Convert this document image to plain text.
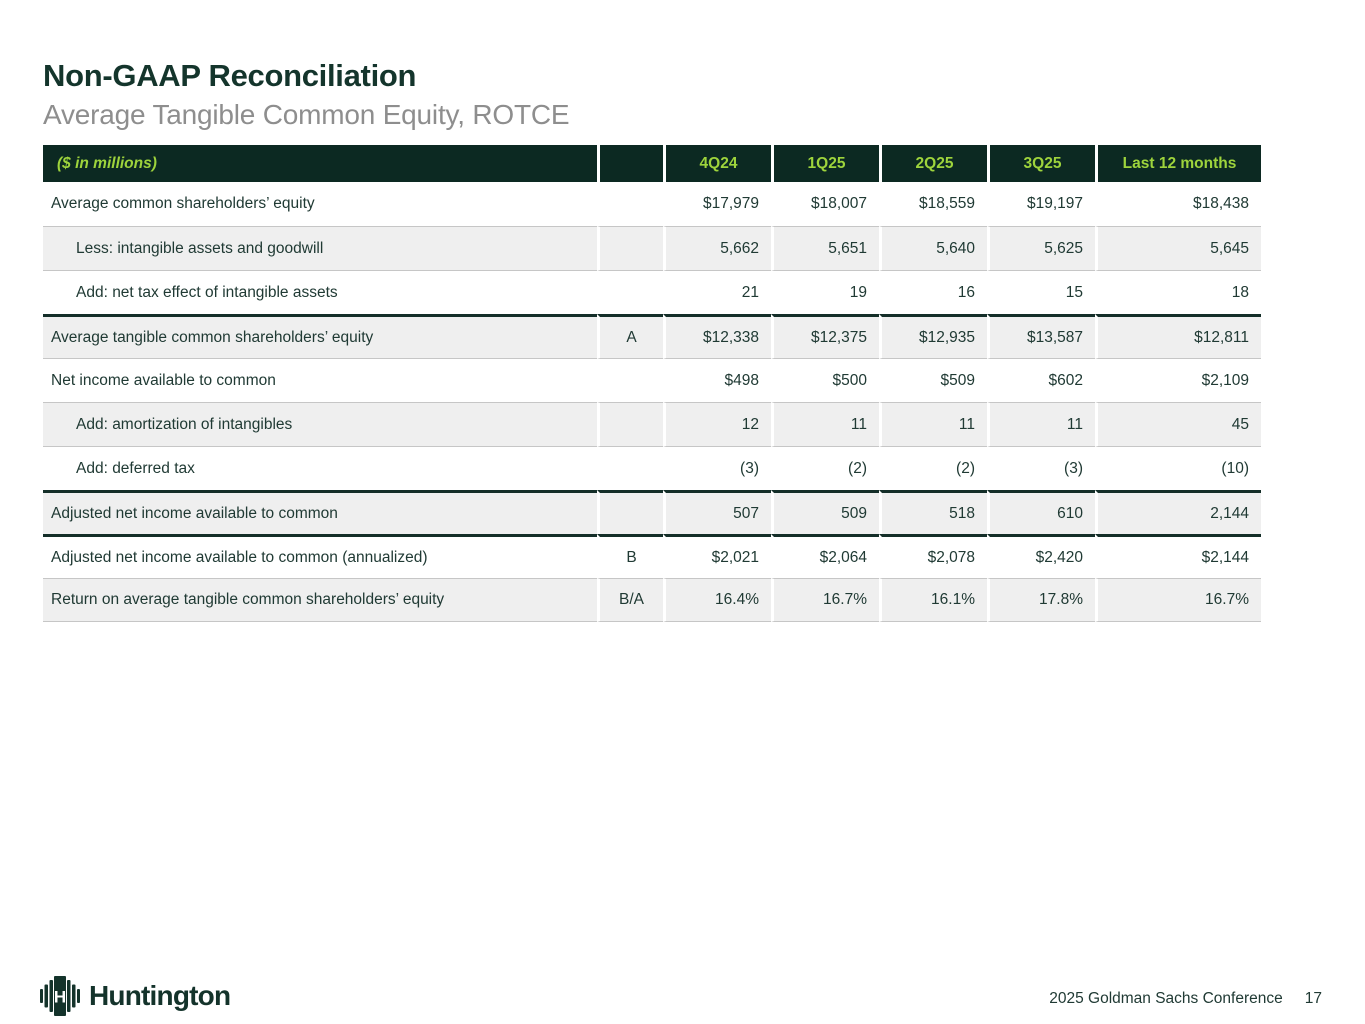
Non-GAAP Reconciliation
Average Tangible Common Equity, ROTCE
($ in millions)		4Q24	1Q25	2Q25	3Q25	Last 12 months
Average common shareholders’ equity		$17,979	$18,007	$18,559	$19,197	$18,438
Less: intangible assets and goodwill		5,662	5,651	5,640	5,625	5,645
Add: net tax effect of intangible assets		21	19	16	15	18
Average tangible common shareholders’ equity	A	$12,338	$12,375	$12,935	$13,587	$12,811
Net income available to common		$498	$500	$509	$602	$2,109
Add: amortization of intangibles		12	11	11	11	45
Add: deferred tax		(3)	(2)	(2)	(3)	(10)
Adjusted net income available to common		507	509	518	610	2,144
Adjusted net income available to common (annualized)	B	$2,021	$2,064	$2,078	$2,420	$2,144
Return on average tangible common shareholders’ equity	B/A	16.4%	16.7%	16.1%	17.8%	16.7%
H Huntington	2025 Goldman Sachs Conference 17
